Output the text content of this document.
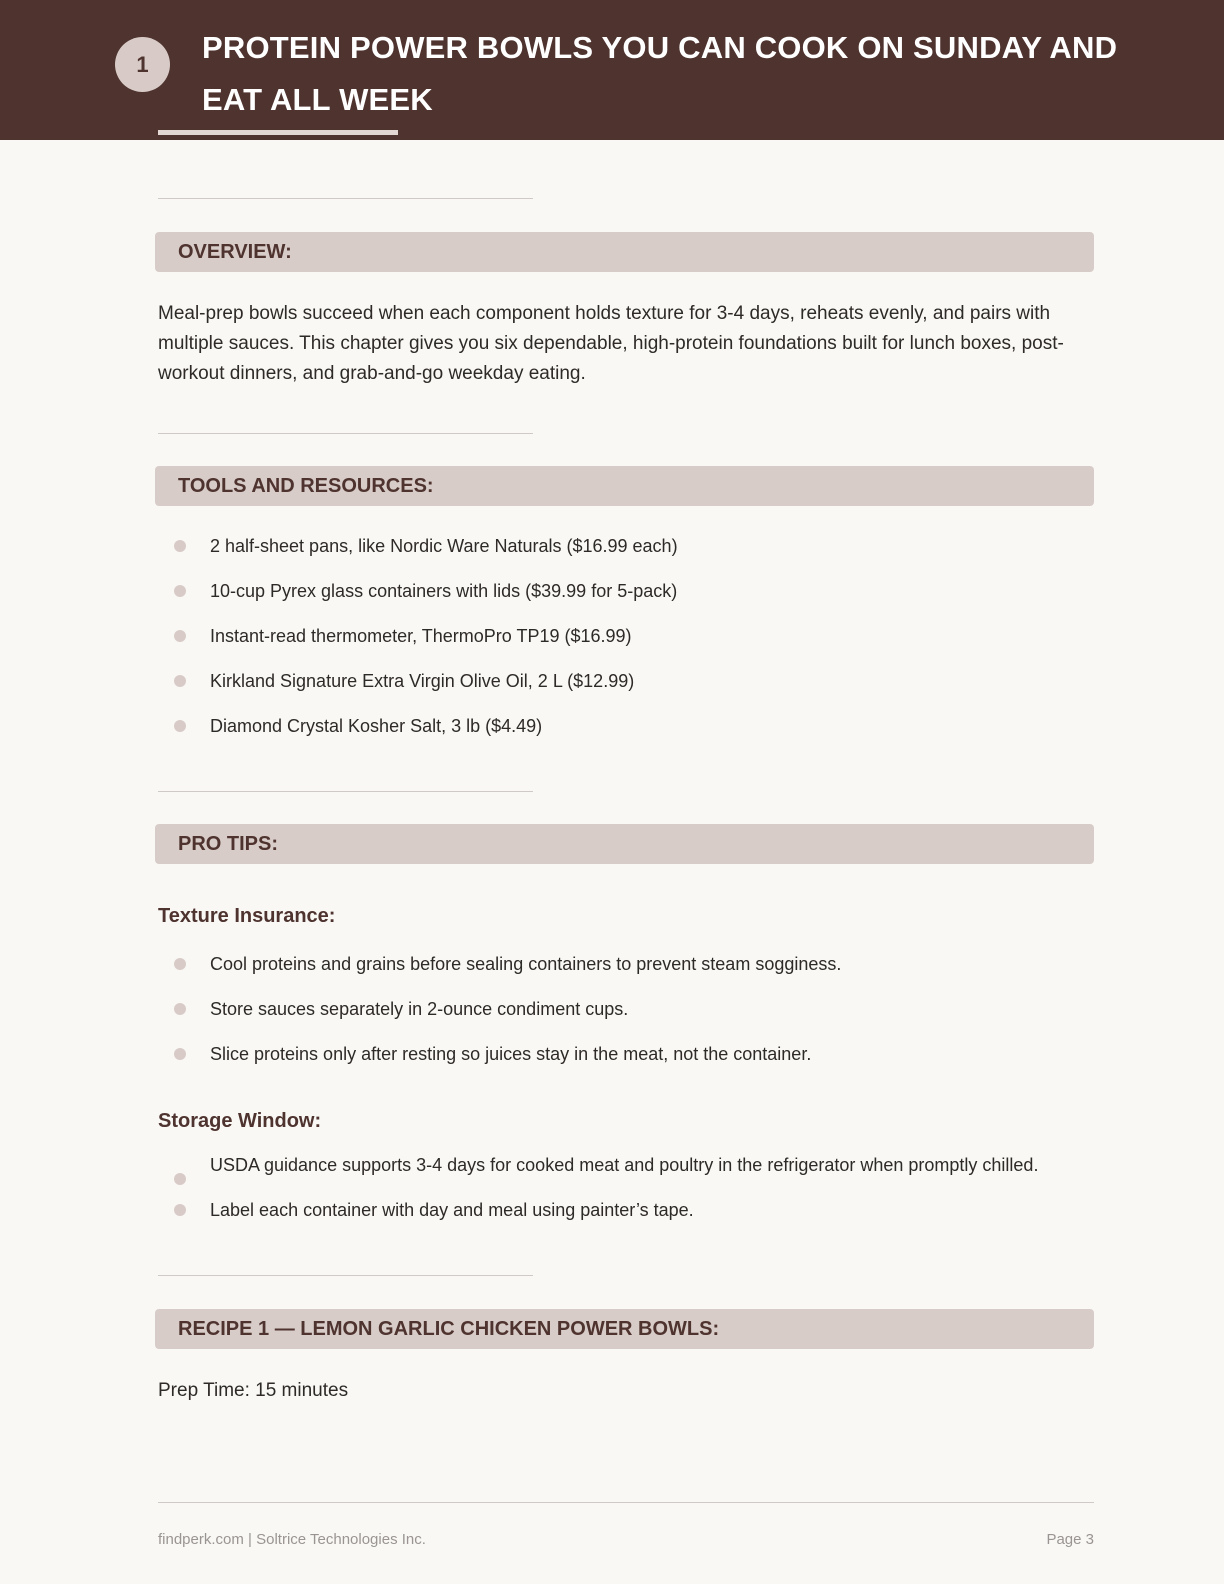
1	PROTEIN POWER BOWLS YOU CAN COOK ON SUNDAY AND EAT ALL WEEK
OVERVIEW:

Meal-prep bowls succeed when each component holds texture for 3-4 days, reheats evenly, and pairs with multiple sauces. This chapter gives you six dependable, high-protein foundations built for lunch boxes, post-workout dinners, and grab-and-go weekday eating.

TOOLS AND RESOURCES:
2 half-sheet pans, like Nordic Ware Naturals ($16.99 each)
10-cup Pyrex glass containers with lids ($39.99 for 5-pack)
Instant-read thermometer, ThermoPro TP19 ($16.99)
Kirkland Signature Extra Virgin Olive Oil, 2 L ($12.99)
Diamond Crystal Kosher Salt, 3 lb ($4.49)
PRO TIPS:
Texture Insurance:
Cool proteins and grains before sealing containers to prevent steam sogginess.
Store sauces separately in 2-ounce condiment cups.
Slice proteins only after resting so juices stay in the meat, not the container.
Storage Window:
USDA guidance supports 3-4 days for cooked meat and poultry in the refrigerator when promptly chilled.
Label each container with day and meal using painter’s tape.
RECIPE 1 — LEMON GARLIC CHICKEN POWER BOWLS:
Prep Time: 15 minutes
findperk.com | Soltrice Technologies Inc.	Page 3
